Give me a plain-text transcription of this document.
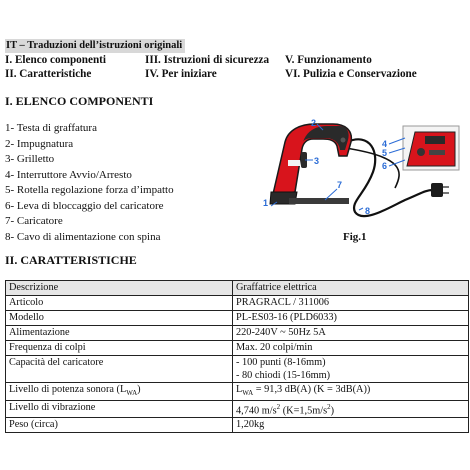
IT – Traduzioni dell’istruzioni originali
I. Elenco componenti	III. Istruzioni di sicurezza	V. Funzionamento
II. Caratteristiche	IV. Per iniziare	VI. Pulizia e Conservazione
I. ELENCO COMPONENTI
1- Testa di graffatura
2- Impugnatura
3- Grilletto
4- Interruttore Avvio/Arresto
5- Rotella regolazione forza d’impatto
6- Leva di bloccaggio del caricatore
7- Caricatore
8- Cavo di alimentazione con spina
1
2
3
4
5
6
7
8
Fig.1
II. CARATTERISTICHE
Descrizione	Graffatrice elettrica
Articolo	PRAGRACL / 311006
Modello	PL-ES03-16 (PLD6033)
Alimentazione	220-240V ~ 50Hz 5A
Frequenza di colpi	Max. 20 colpi/min
Capacità del caricatore	- 100 punti (8-16mm)
- 80 chiodi (15-16mm)

Livello di potenza sonora $(L_{WA})$	$L_{WA} = 91,3$ dB(A) (K = 3dB(A))
Livello di vibrazione	4,740 $m/s^2$ $(K=1,5m/s^2)$
Peso (circa)	1,20kg
